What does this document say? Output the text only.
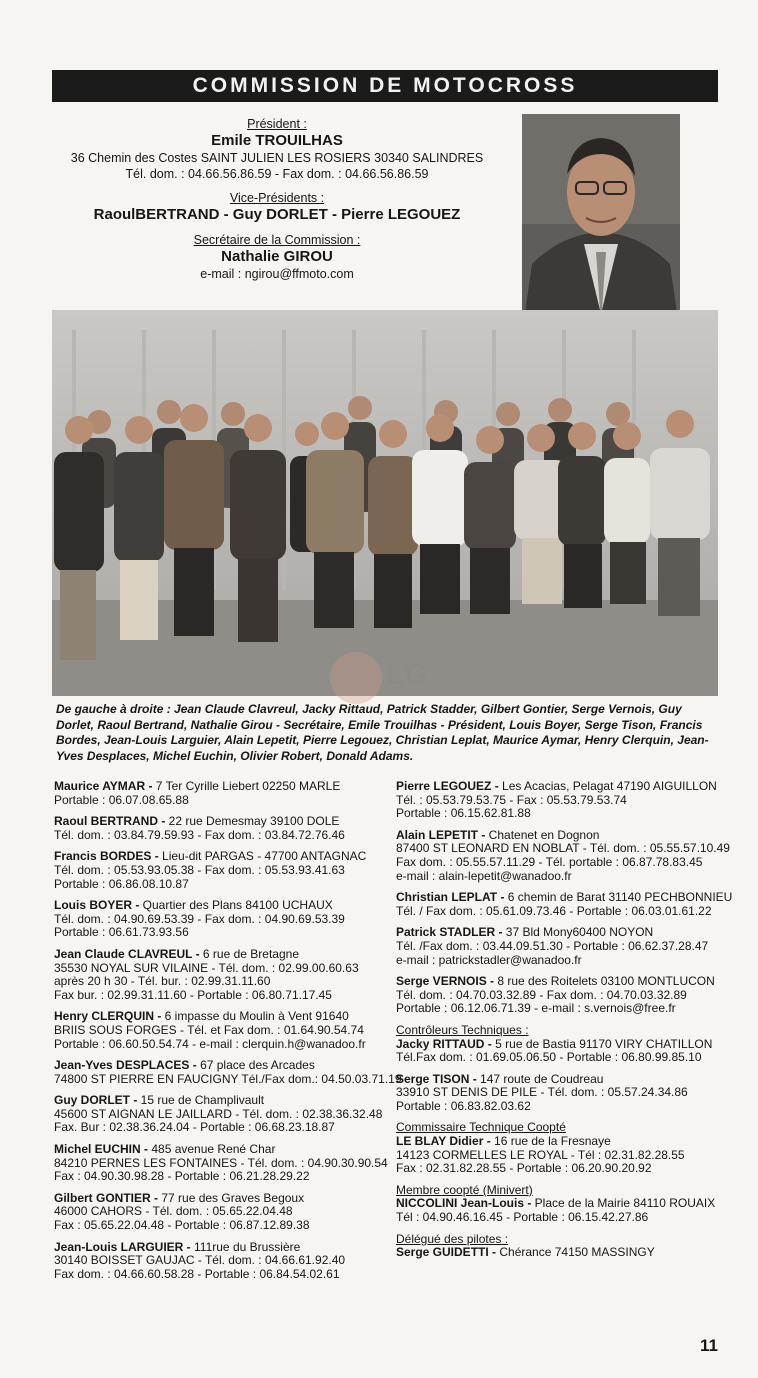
COMMISSION DE MOTOCROSS
Président :
Emile TROUILHAS
36 Chemin des Costes SAINT JULIEN LES ROSIERS 30340 SALINDRES
Tél. dom. : 04.66.56.86.59 - Fax dom. : 04.66.56.86.59
Vice-Présidents :
RaoulBERTRAND - Guy DORLET - Pierre LEGOUEZ
Secrétaire de la Commission :
Nathalie GIROU
e-mail : ngirou@ffmoto.com
LG
De gauche à droite : Jean Claude Clavreul, Jacky Rittaud, Patrick Stadder, Gilbert Gontier, Serge Vernois, Guy Dorlet, Raoul Bertrand, Nathalie Girou - Secrétaire, Emile Trouilhas - Président, Louis Boyer, Serge Tison, Francis Bordes, Jean-Louis Larguier, Alain Lepetit, Pierre Legouez, Christian Leplat, Maurice Aymar, Henry Clerquin, Jean-Yves Desplaces, Michel Euchin, Olivier Robert, Donald Adams.
Maurice AYMAR - 7 Ter Cyrille Liebert 02250 MARLE
Portable : 06.07.08.65.88
Raoul BERTRAND - 22 rue Demesmay 39100 DOLE
Tél. dom. : 03.84.79.59.93 - Fax dom. : 03.84.72.76.46
Francis BORDES - Lieu-dit PARGAS - 47700 ANTAGNAC
Tél. dom. : 05.53.93.05.38 - Fax dom. : 05.53.93.41.63
Portable : 06.86.08.10.87
Louis BOYER - Quartier des Plans 84100 UCHAUX
Tél. dom. : 04.90.69.53.39 - Fax dom. : 04.90.69.53.39
Portable : 06.61.73.93.56
Jean Claude CLAVREUL - 6 rue de Bretagne
35530 NOYAL SUR VILAINE - Tél. dom. : 02.99.00.60.63
après 20 h 30 - Tél. bur. : 02.99.31.11.60
Fax bur. : 02.99.31.11.60 - Portable : 06.80.71.17.45
Henry CLERQUIN - 6 impasse du Moulin à Vent 91640
BRIIS SOUS FORGES - Tél. et Fax dom. : 01.64.90.54.74
Portable : 06.60.50.54.74 - e-mail : clerquin.h@wanadoo.fr
Jean-Yves DESPLACES - 67 place des Arcades
74800 ST PIERRE EN FAUCIGNY Tél./Fax dom.: 04.50.03.71.19
Guy DORLET - 15 rue de Champlivault
45600 ST AIGNAN LE JAILLARD - Tél. dom. : 02.38.36.32.48
Fax. Bur : 02.38.36.24.04 - Portable : 06.68.23.18.87
Michel EUCHIN - 485 avenue René Char
84210 PERNES LES FONTAINES - Tél. dom. : 04.90.30.90.54
Fax : 04.90.30.98.28 - Portable : 06.21.28.29.22
Gilbert GONTIER - 77 rue des Graves Begoux
46000 CAHORS - Tél. dom. : 05.65.22.04.48
Fax : 05.65.22.04.48 - Portable : 06.87.12.89.38
Jean-Louis LARGUIER - 111rue du Brussière
30140 BOISSET GAUJAC - Tél. dom. : 04.66.61.92.40
Fax dom. : 04.66.60.58.28 - Portable : 06.84.54.02.61
Pierre LEGOUEZ - Les Acacias, Pelagat 47190 AIGUILLON
Tél. : 05.53.79.53.75 - Fax : 05.53.79.53.74
Portable : 06.15.62.81.88
Alain LEPETIT - Chatenet en Dognon
87400 ST LEONARD EN NOBLAT - Tél. dom. : 05.55.57.10.49
Fax dom. : 05.55.57.11.29 - Tél. portable : 06.87.78.83.45
e-mail : alain-lepetit@wanadoo.fr
Christian LEPLAT - 6 chemin de Barat 31140 PECHBONNIEU
Tél. / Fax dom. : 05.61.09.73.46 - Portable : 06.03.01.61.22
Patrick STADLER - 37 Bld Mony60400 NOYON
Tél. /Fax dom. : 03.44.09.51.30 - Portable : 06.62.37.28.47
e-mail : patrickstadler@wanadoo.fr
Serge VERNOIS - 8 rue des Roitelets 03100 MONTLUCON
Tél. dom. : 04.70.03.32.89 - Fax dom. : 04.70.03.32.89
Portable : 06.12.06.71.39 - e-mail : s.vernois@free.fr
Contrôleurs Techniques :
Jacky RITTAUD - 5 rue de Bastia 91170 VIRY CHATILLON
Tél.Fax dom. : 01.69.05.06.50 - Portable : 06.80.99.85.10
Serge TISON - 147 route de Coudreau
33910 ST DENIS DE PILE - Tél. dom. : 05.57.24.34.86
Portable : 06.83.82.03.62
Commissaire Technique Coopté
LE BLAY Didier - 16 rue de la Fresnaye
14123 CORMELLES LE ROYAL - Tél : 02.31.82.28.55
Fax : 02.31.82.28.55 - Portable : 06.20.90.20.92
Membre coopté (Minivert)
NICCOLINI Jean-Louis - Place de la Mairie 84110 ROUAIX
Tél : 04.90.46.16.45 - Portable : 06.15.42.27.86
Délégué des pilotes :
Serge GUIDETTI - Chérance 74150 MASSINGY
11
